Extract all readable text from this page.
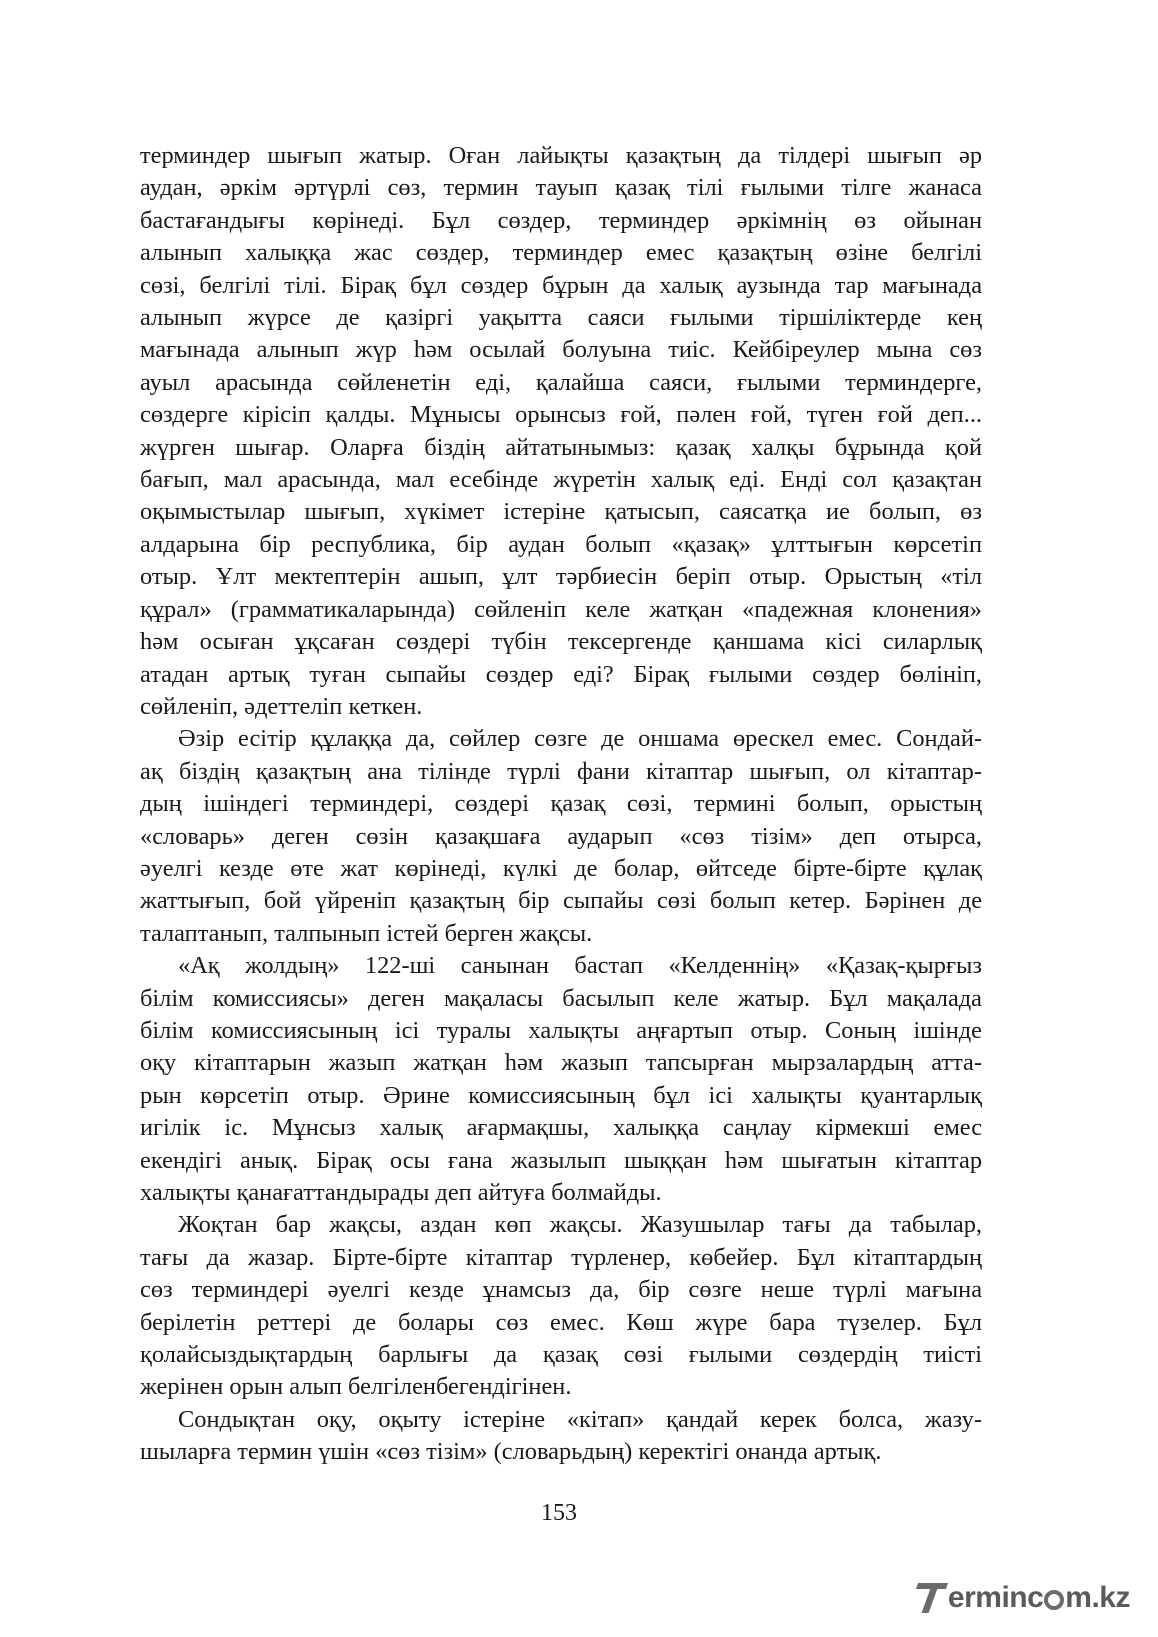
терминдер шығып жатыр. Оған лайықты қазақтың да тілдері шығып әр
аудан, әркім әртүрлі сөз, термин тауып қазақ тілі ғылыми тілге жанаса
бастағандығы көрінеді. Бұл сөздер, терминдер әркімнің өз ойынан
алынып халыққа жас сөздер, терминдер емес қазақтың өзіне белгілі
сөзі, белгілі тілі. Бірақ бұл сөздер бұрын да халық аузында тар мағынада
алынып жүрсе де қазіргі уақытта саяси ғылыми тіршіліктерде кең
мағынада алынып жүр һәм осылай болуына тиіс. Кейбіреулер мына сөз
ауыл арасында сөйленетін еді, қалайша саяси, ғылыми терминдерге,
сөздерге кірісіп қалды. Мұнысы орынсыз ғой, пәлен ғой, түген ғой деп...
жүрген шығар. Оларға біздің айтатынымыз: қазақ халқы бұрында қой
бағып, мал арасында, мал есебінде жүретін халық еді. Енді сол қазақтан
оқымыстылар шығып, хүкімет істеріне қатысып, саясатқа ие болып, өз
алдарына бір республика, бір аудан болып «қазақ» ұлттығын көрсетіп
отыр. Ұлт мектептерін ашып, ұлт тәрбиесін беріп отыр. Орыстың «тіл
құрал» (грамматикаларында) сөйленіп келе жатқан «падежная клонения»
һәм осыған ұқсаған сөздері түбін тексергенде қаншама кісі силарлық
атадан артық туған сыпайы сөздер еді? Бірақ ғылыми сөздер бөлініп,
сөйленіп, әдеттеліп кеткен.
Әзір есітір құлаққа да, сөйлер сөзге де оншама өрескел емес. Сондай-
ақ біздің қазақтың ана тілінде түрлі фани кітаптар шығып, ол кітаптар-
дың ішіндегі терминдері, сөздері қазақ сөзі, термині болып, орыстың
«словарь» деген сөзін қазақшаға аударып «сөз тізім» деп отырса,
әуелгі кезде өте жат көрінеді, күлкі де болар, өйтседе бірте-бірте құлақ
жаттығып, бой үйреніп қазақтың бір сыпайы сөзі болып кетер. Бәрінен де
талаптанып, талпынып істей берген жақсы.
«Ақ жолдың» 122-ші санынан бастап «Келденнің» «Қазақ-қырғыз
білім комиссиясы» деген мақаласы басылып келе жатыр. Бұл мақалада
білім комиссиясының ісі туралы халықты аңғартып отыр. Соның ішінде
оқу кітаптарын жазып жатқан һәм жазып тапсырған мырзалардың атта-
рын көрсетіп отыр. Әрине комиссиясының бұл ісі халықты қуантарлық
игілік іс. Мұнсыз халық ағармақшы, халыққа саңлау кірмекші емес
екендігі анық. Бірақ осы ғана жазылып шыққан һәм шығатын кітаптар
халықты қанағаттандырады деп айтуға болмайды.
Жоқтан бар жақсы, аздан көп жақсы. Жазушылар тағы да табылар,
тағы да жазар. Бірте-бірте кітаптар түрленер, көбейер. Бұл кітаптардың
сөз терминдері әуелгі кезде ұнамсыз да, бір сөзге неше түрлі мағына
берілетін реттері де болары сөз емес. Көш жүре бара түзелер. Бұл
қолайсыздықтардың барлығы да қазақ сөзі ғылыми сөздердің тиісті
жерінен орын алып белгіленбегендігінен.
Сондықтан оқу, оқыту істеріне «кітап» қандай керек болса, жазу-
шыларға термин үшін «сөз тізім» (словарьдың) керектігі онанда артық.
153
erminc m.kz
